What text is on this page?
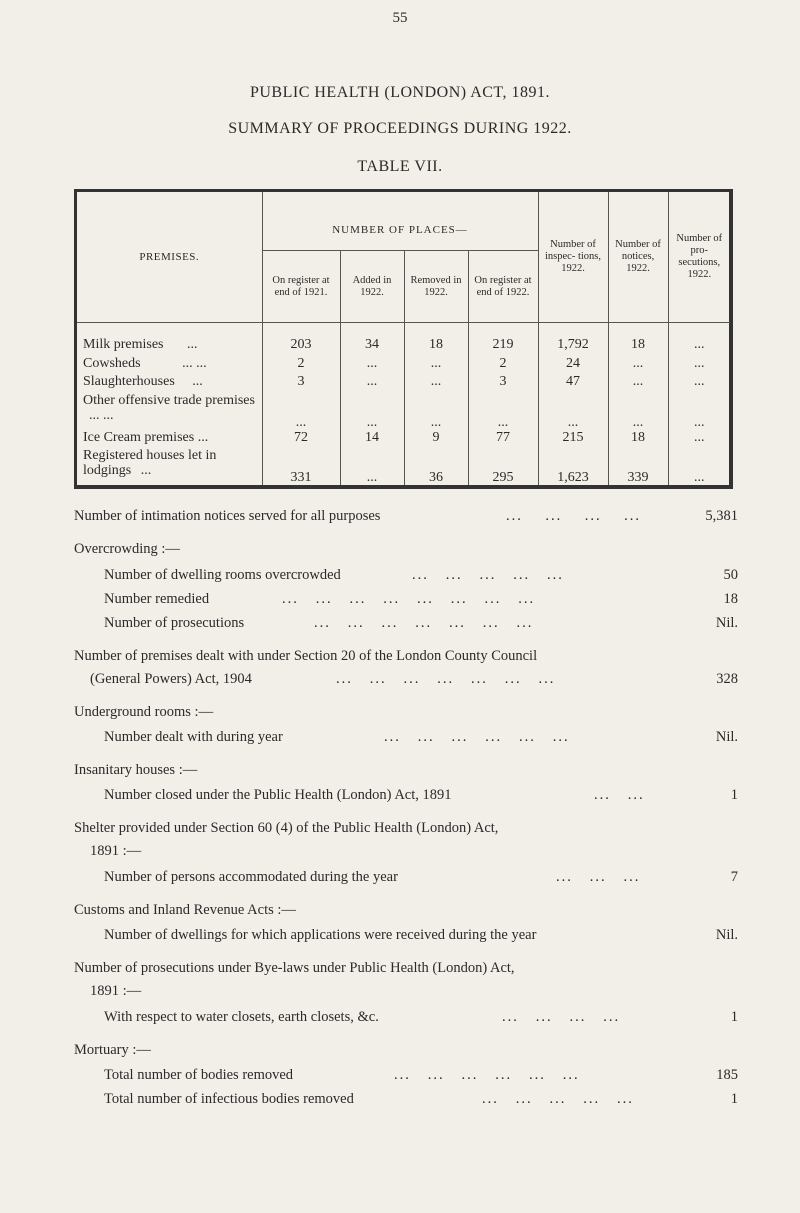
55
PUBLIC HEALTH (LONDON) ACT, 1891.
SUMMARY OF PROCEEDINGS DURING 1922.
TABLE VII.
PREMISES.	NUMBER OF PLACES—				Number of inspec- tions, 1922.	Number of notices, 1922.	Number of pro- secutions, 1922.
	On register at end of 1921.	Added in 1922.	Removed in 1922.	On register at end of 1922.			

Milk premises ...	203	34	18	219	1,792	18	...
Cowsheds ... ...	2	...	...	2	24	...	...
Slaughterhouses ...	3	...	...	3	47	...	...
Other offensive trade premises ... ...	...	...	...	...	...	...	...
Ice Cream premises ...	72	14	9	77	215	18	...
Registered houses let in lodgings ...	331	...	36	295	1,623	339	...

Number of intimation notices served for all purposes	...    ...    ...    ...	5,381
Overcrowding :—
Number of dwelling rooms overcrowded	...   ...   ...   ...   ...	50
Number remedied	...   ...   ...   ...   ...   ...   ...   ...	18
Number of prosecutions	...   ...   ...   ...   ...   ...   ...	Nil.
Number of premises dealt with under Section 20 of the London County Council
(General Powers) Act, 1904	...   ...   ...   ...   ...   ...   ...	328
Underground rooms :—
Number dealt with during year	...   ...   ...   ...   ...   ...	Nil.
Insanitary houses :—
Number closed under the Public Health (London) Act, 1891	...   ...	1
Shelter provided under Section 60 (4) of the Public Health (London) Act,
1891 :—
Number of persons accommodated during the year	...   ...   ...	7
Customs and Inland Revenue Acts :—
Number of dwellings for which applications were received during the year	Nil.
Number of prosecutions under Bye-laws under Public Health (London) Act,
1891 :—
With respect to water closets, earth closets, &c.	...   ...   ...   ...	1
Mortuary :—
Total number of bodies removed	...   ...   ...   ...   ...   ...	185
Total number of infectious bodies removed	...   ...   ...   ...   ...	1
